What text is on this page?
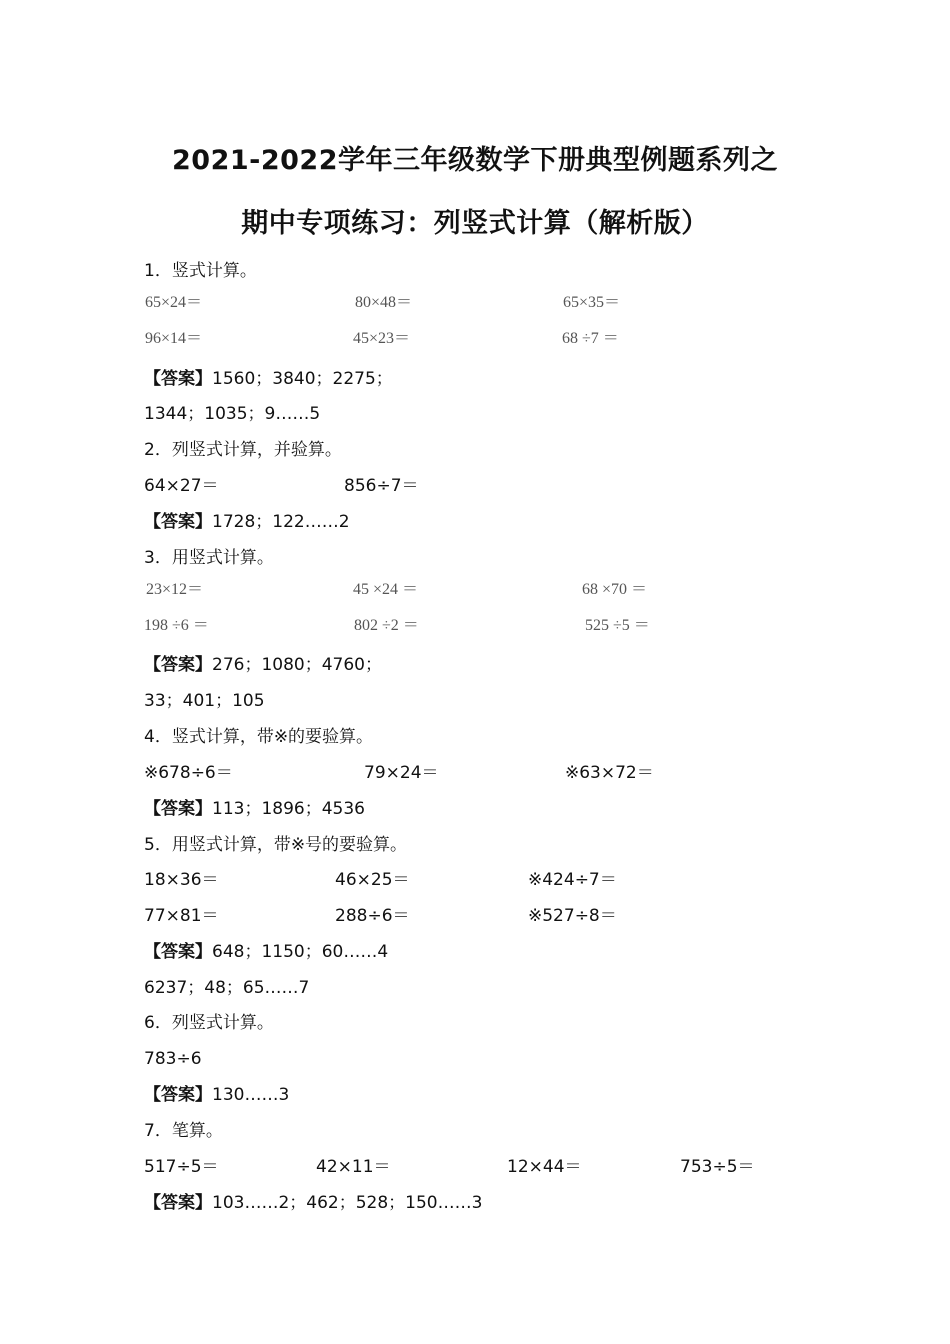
2021-2022学年三年级数学下册典型例题系列之
期中专项练习：列竖式计算（解析版）
1．竖式计算。
65×24＝	80×48＝	65×35＝
96×14＝	45×23＝	68 ÷7 ＝
【答案】1560；3840；2275；
1344；1035；9……5
2．列竖式计算，并验算。
64×27＝	856÷7＝
【答案】1728；122……2
3．用竖式计算。
23×12＝	45 ×24 ＝	68 ×70 ＝
198 ÷6 ＝	802 ÷2 ＝	525 ÷5 ＝
【答案】276；1080；4760；
33；401；105
4．竖式计算，带※的要验算。
※678÷6＝	79×24＝	※63×72＝
【答案】113；1896；4536
5．用竖式计算，带※号的要验算。
18×36＝	46×25＝	※424÷7＝
77×81＝	288÷6＝	※527÷8＝
【答案】648；1150；60……4
6237；48；65……7
6．列竖式计算。
783÷6
【答案】130……3
7．笔算。
517÷5＝	42×11＝	12×44＝	753÷5＝
【答案】103……2；462；528；150……3
